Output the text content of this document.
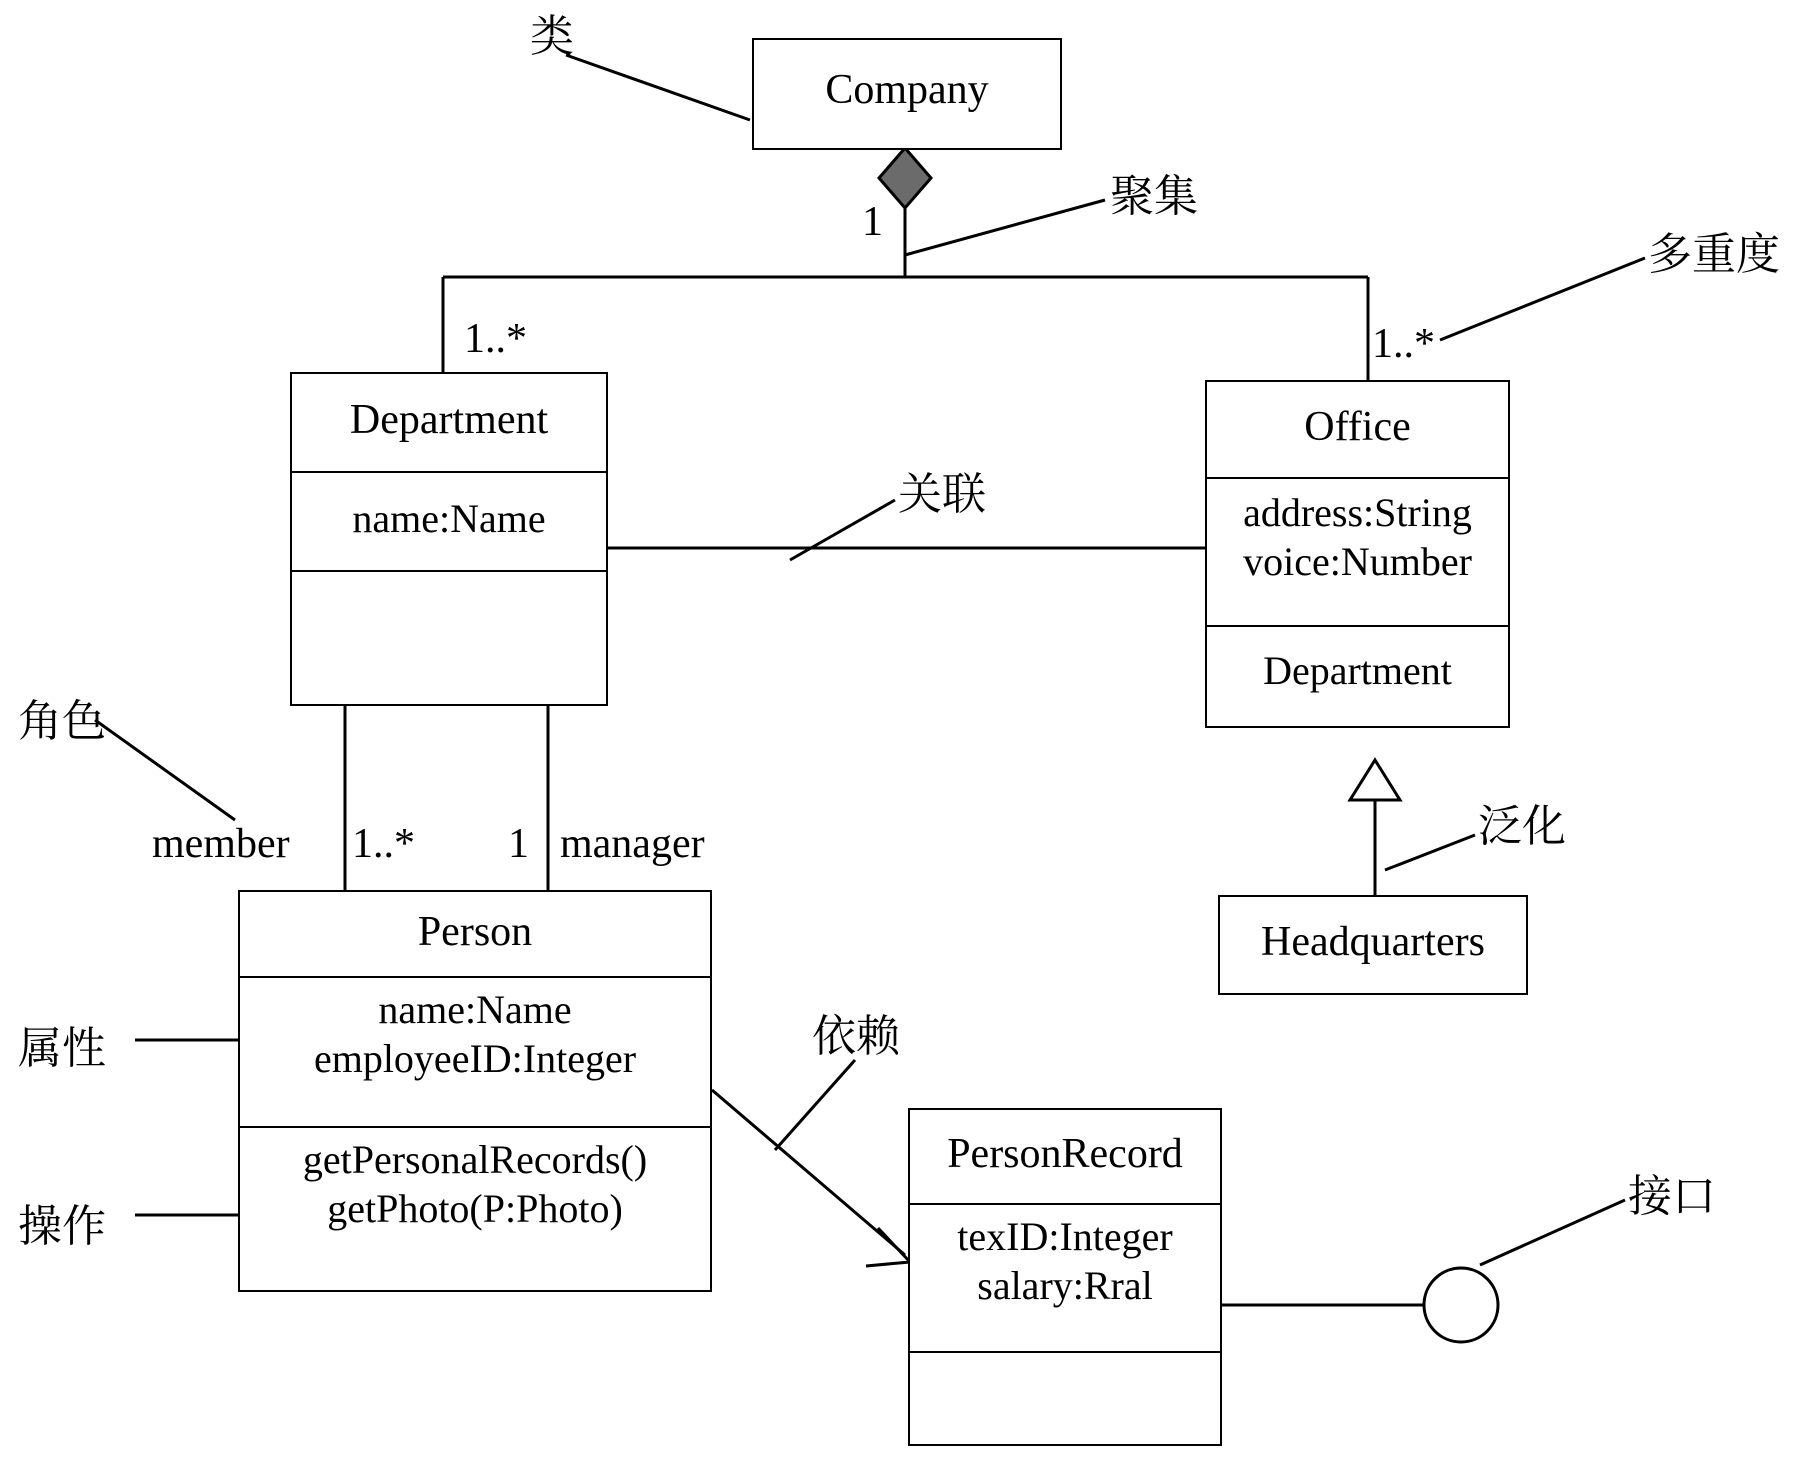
Company
Department
name:Name
Office
address:String
voice:Number
Department
Headquarters
Person
name:Name
employeeID:Integer
getPersonalRecords()
getPhoto(P:Photo)
PersonRecord
texID:Integer
salary:Rral
1
1..*	1..*
1..* 1
member	manager
类
聚集
多重度
关联
角色
泛化
属性	依赖
操作
接口
